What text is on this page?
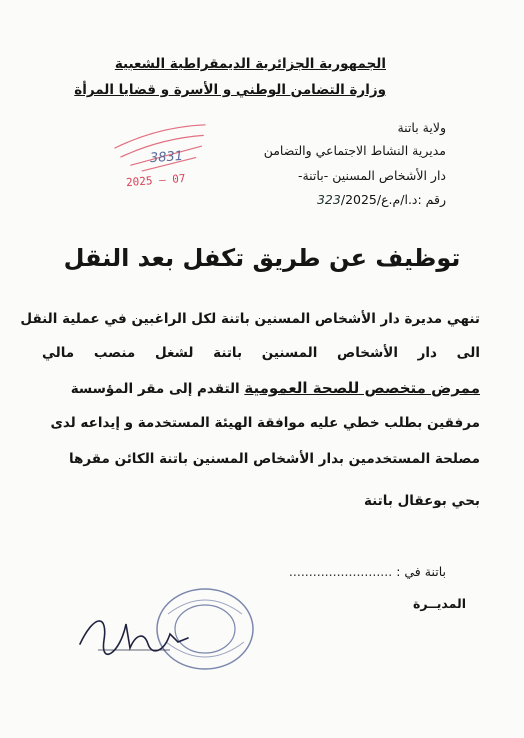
الجمهورية الجزائرية الديمقراطية الشعبية
وزارة التضامن الوطني و الأسرة و قضايا المرأة
ولاية باتنة
مديرية النشاط الاجتماعي والتضامن
دار الأشخاص المسنين -باتنة-
رقم :323/د.ا/م.ع/2025
3831
2025 — 07
توظيف عن طريق تكفل بعد النقل
تنهي مديرة دار الأشخاص المسنين باتنة لكل الراغبين في عملية النقل
الى دار الأشخاص المسنين باتنة لشغل منصب مالي
ممرض متخصص للصحة العمومية التقدم إلى مقر المؤسسة
مرفقين بطلب خطي عليه موافقة الهيئة المستخدمة و إيداعه لدى
مصلحة المستخدمين بدار الأشخاص المسنين باتنة الكائن مقرها
بحي بوعقال باتنة
باتنة في : ..........................
المديــرة
